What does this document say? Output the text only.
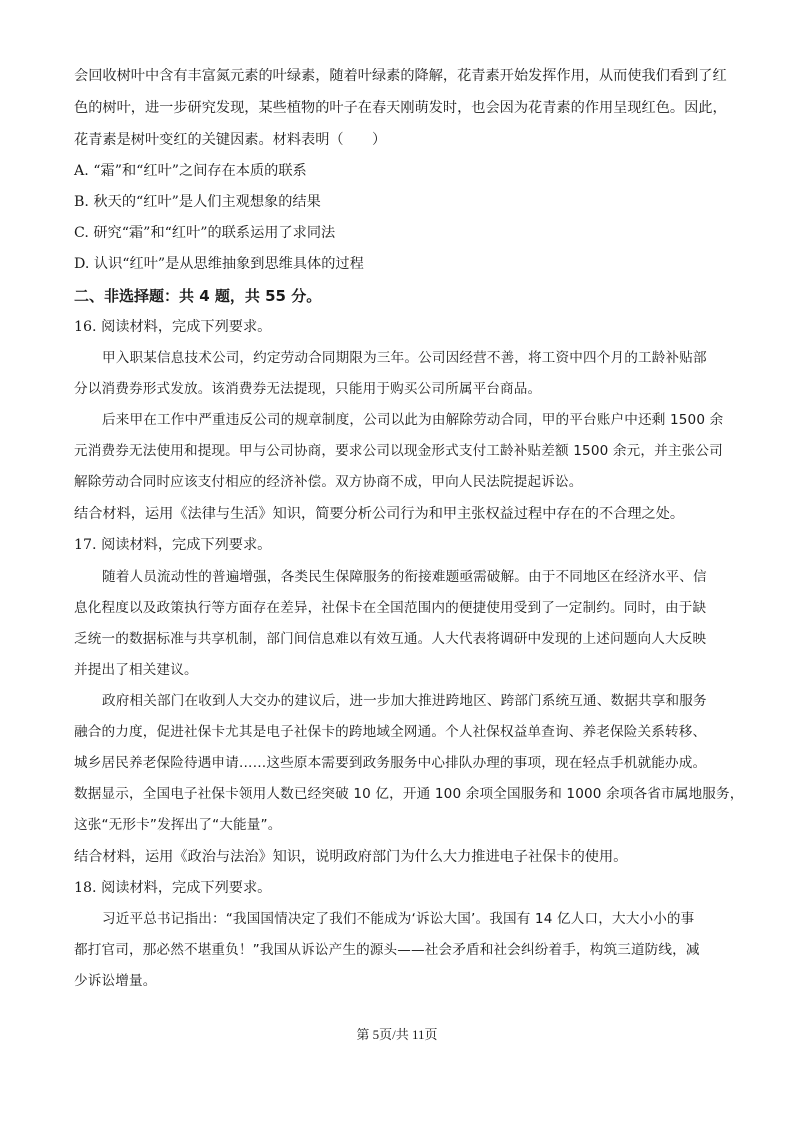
会回收树叶中含有丰富氮元素的叶绿素，随着叶绿素的降解，花青素开始发挥作用，从而使我们看到了红
色的树叶，进一步研究发现，某些植物的叶子在春天刚萌发时，也会因为花青素的作用呈现红色。因此，
花青素是树叶变红的关键因素。材料表明（　　）
A. “霜”和“红叶”之间存在本质的联系
B. 秋天的“红叶”是人们主观想象的结果
C. 研究“霜”和“红叶”的联系运用了求同法
D. 认识“红叶”是从思维抽象到思维具体的过程
二、非选择题：共 4 题，共 55 分。
16. 阅读材料，完成下列要求。
甲入职某信息技术公司，约定劳动合同期限为三年。公司因经营不善，将工资中四个月的工龄补贴部
分以消费券形式发放。该消费券无法提现，只能用于购买公司所属平台商品。
后来甲在工作中严重违反公司的规章制度，公司以此为由解除劳动合同，甲的平台账户中还剩 1500 余
元消费券无法使用和提现。甲与公司协商，要求公司以现金形式支付工龄补贴差额 1500 余元，并主张公司
解除劳动合同时应该支付相应的经济补偿。双方协商不成，甲向人民法院提起诉讼。
结合材料，运用《法律与生活》知识，简要分析公司行为和甲主张权益过程中存在的不合理之处。
17. 阅读材料，完成下列要求。
随着人员流动性的普遍增强，各类民生保障服务的衔接难题亟需破解。由于不同地区在经济水平、信
息化程度以及政策执行等方面存在差异，社保卡在全国范围内的便捷使用受到了一定制约。同时，由于缺
乏统一的数据标准与共享机制，部门间信息难以有效互通。人大代表将调研中发现的上述问题向人大反映
并提出了相关建议。
政府相关部门在收到人大交办的建议后，进一步加大推进跨地区、跨部门系统互通、数据共享和服务
融合的力度，促进社保卡尤其是电子社保卡的跨地域全网通。个人社保权益单查询、养老保险关系转移、
城乡居民养老保险待遇申请……这些原本需要到政务服务中心排队办理的事项，现在轻点手机就能办成。
数据显示，全国电子社保卡领用人数已经突破 10 亿，开通 100 余项全国服务和 1000 余项各省市属地服务，
这张“无形卡”发挥出了“大能量”。
结合材料，运用《政治与法治》知识，说明政府部门为什么大力推进电子社保卡的使用。
18. 阅读材料，完成下列要求。
习近平总书记指出：“我国国情决定了我们不能成为‘诉讼大国’。我国有 14 亿人口，大大小小的事
都打官司，那必然不堪重负！”我国从诉讼产生的源头——社会矛盾和社会纠纷着手，构筑三道防线，减
少诉讼增量。
第 5页/共 11页
